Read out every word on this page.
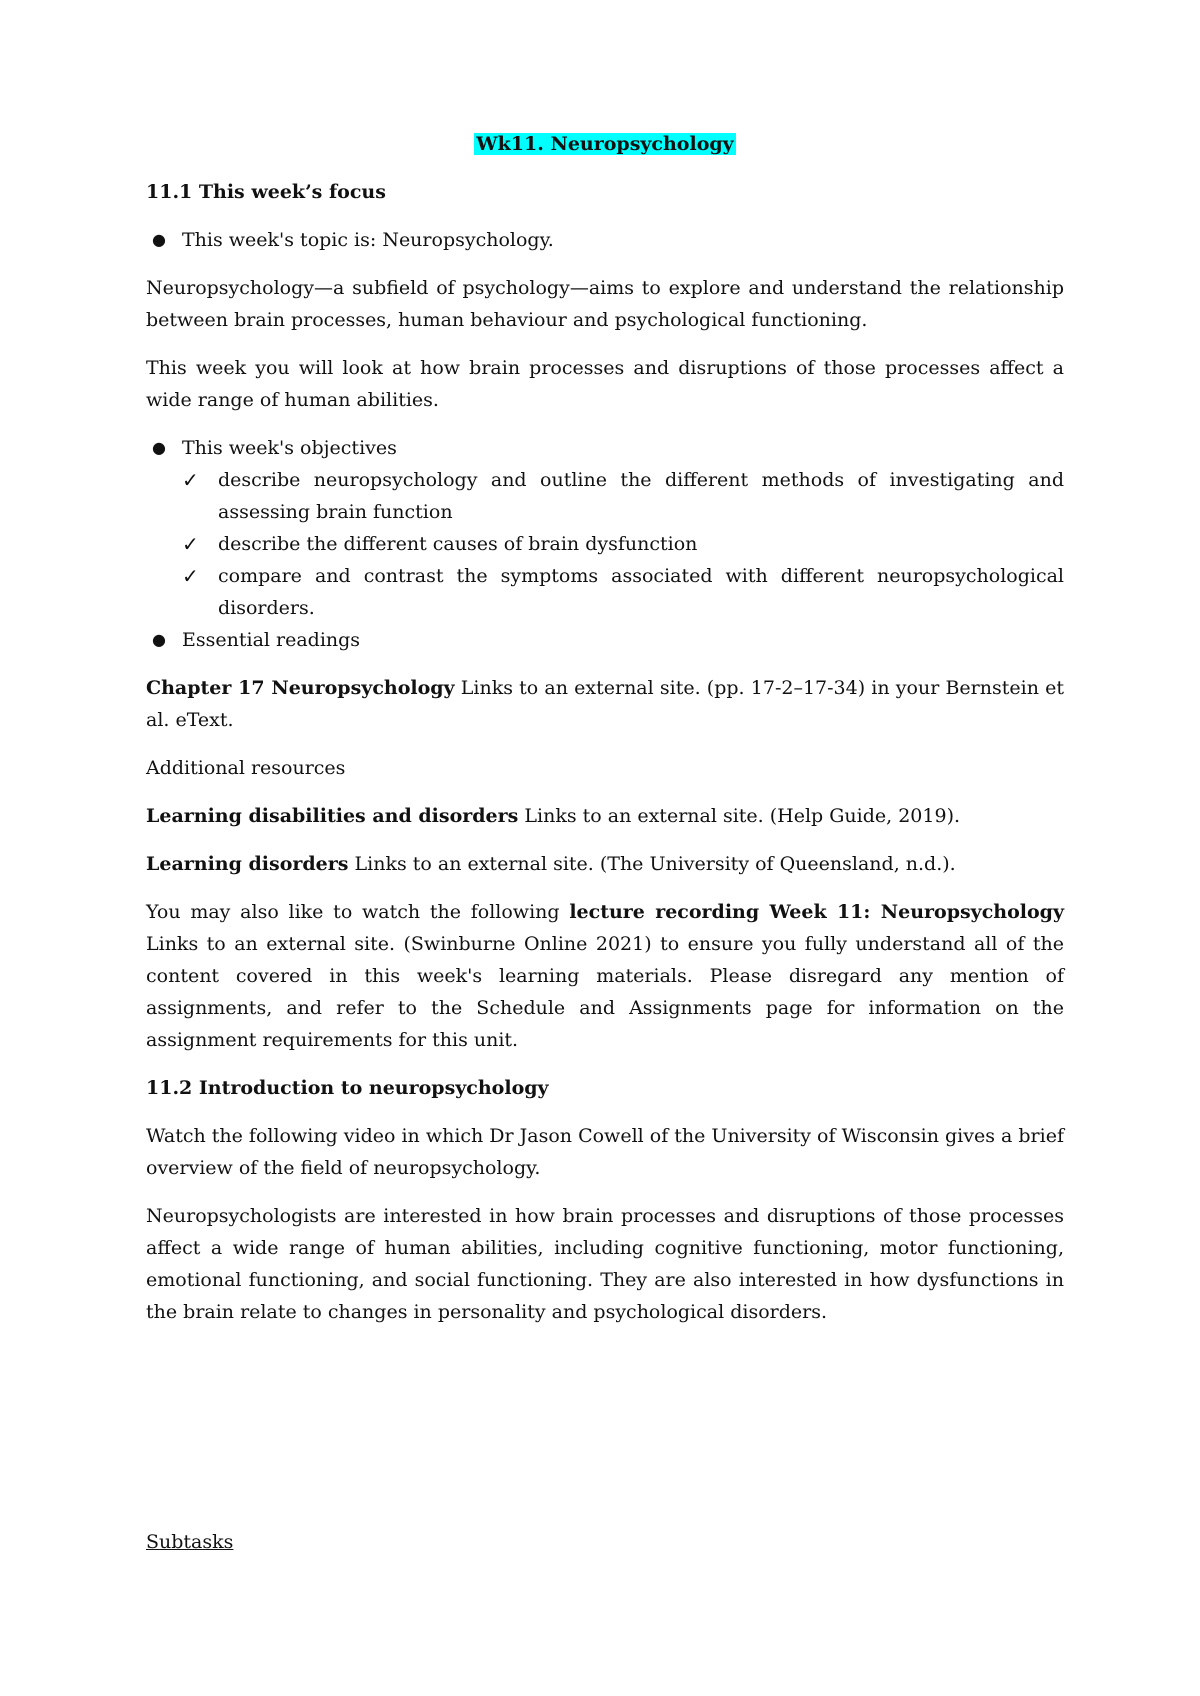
Wk11. Neuropsychology

11.1 This week’s focus

● This week's topic is: Neuropsychology.

Neuropsychology—a subfield of psychology—aims to explore and understand the relationship between brain processes, human behaviour and psychological functioning.

This week you will look at how brain processes and disruptions of those processes affect a wide range of human abilities.

● This week's objectives
✓ describe neuropsychology and outline the different methods of investigating and assessing brain function
✓ describe the different causes of brain dysfunction
✓ compare and contrast the symptoms associated with different neuropsychological disorders.
● Essential readings

Chapter 17 Neuropsychology Links to an external site. (pp. 17-2–17-34) in your Bernstein et al. eText.

Additional resources

Learning disabilities and disorders Links to an external site. (Help Guide, 2019).

Learning disorders Links to an external site. (The University of Queensland, n.d.).

You may also like to watch the following lecture recording Week 11: Neuropsychology Links to an external site. (Swinburne Online 2021) to ensure you fully understand all of the content covered in this week's learning materials. Please disregard any mention of assignments, and refer to the Schedule and Assignments page for information on the assignment requirements for this unit.

11.2 Introduction to neuropsychology

Watch the following video in which Dr Jason Cowell of the University of Wisconsin gives a brief overview of the field of neuropsychology.

Neuropsychologists are interested in how brain processes and disruptions of those processes affect a wide range of human abilities, including cognitive functioning, motor functioning, emotional functioning, and social functioning. They are also interested in how dysfunctions in the brain relate to changes in personality and psychological disorders.

Subtasks
